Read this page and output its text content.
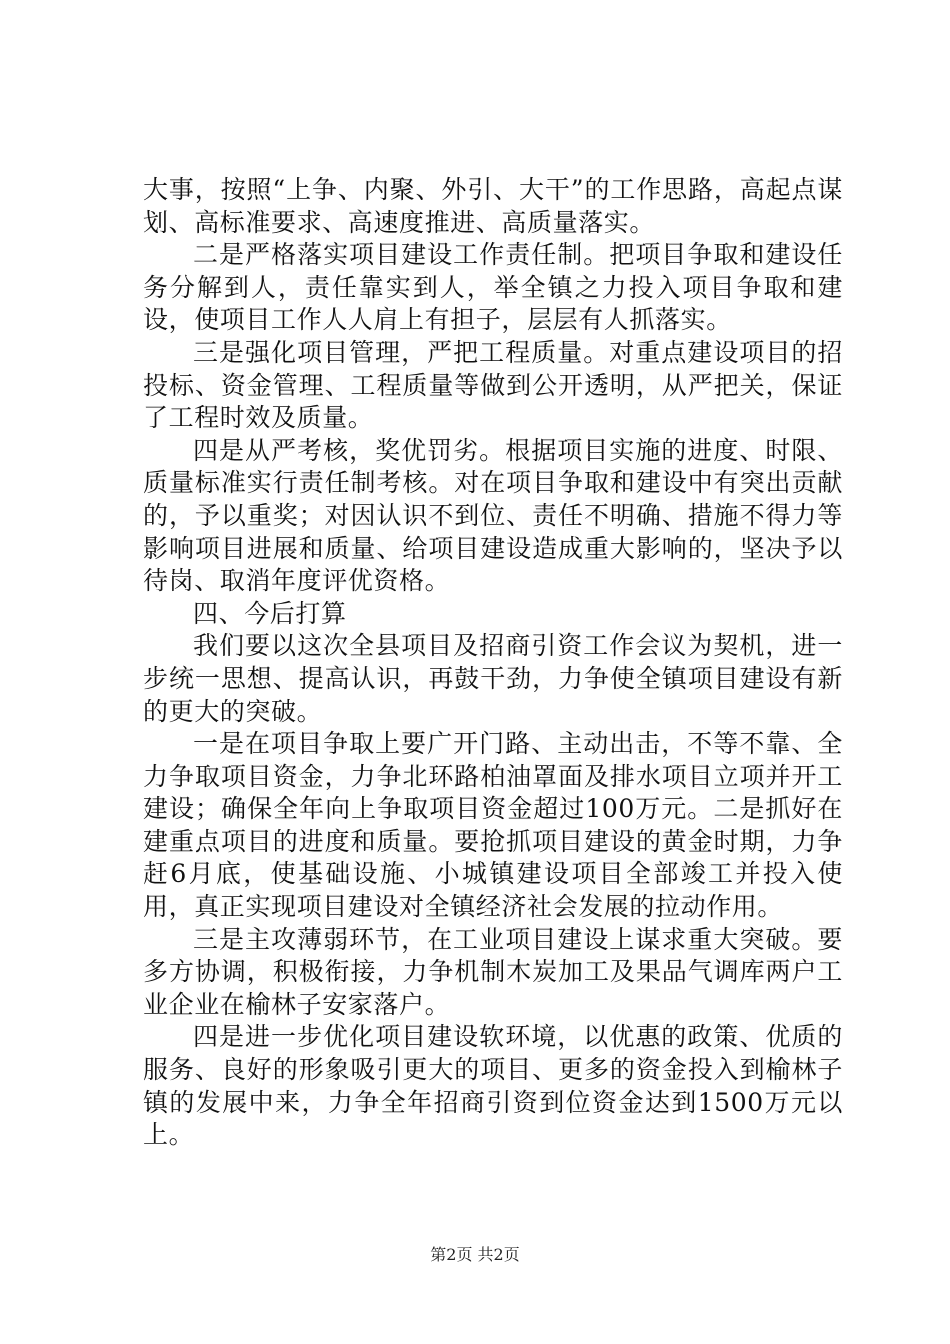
大事，按照“上争、内聚、外引、大干”的工作思路，高起点谋划、高标准要求、高速度推进、高质量落实。

二是严格落实项目建设工作责任制。把项目争取和建设任务分解到人，责任靠实到人，举全镇之力投入项目争取和建设，使项目工作人人肩上有担子，层层有人抓落实。

三是强化项目管理，严把工程质量。对重点建设项目的招投标、资金管理、工程质量等做到公开透明，从严把关，保证了工程时效及质量。

四是从严考核，奖优罚劣。根据项目实施的进度、时限、质量标准实行责任制考核。对在项目争取和建设中有突出贡献的，予以重奖；对因认识不到位、责任不明确、措施不得力等影响项目进展和质量、给项目建设造成重大影响的，坚决予以待岗、取消年度评优资格。

四、今后打算

我们要以这次全县项目及招商引资工作会议为契机，进一步统一思想、提高认识，再鼓干劲，力争使全镇项目建设有新的更大的突破。

一是在项目争取上要广开门路、主动出击，不等不靠、全力争取项目资金，力争北环路柏油罩面及排水项目立项并开工建设；确保全年向上争取项目资金超过100万元。二是抓好在建重点项目的进度和质量。要抢抓项目建设的黄金时期，力争赶6月底，使基础设施、小城镇建设项目全部竣工并投入使用，真正实现项目建设对全镇经济社会发展的拉动作用。

三是主攻薄弱环节，在工业项目建设上谋求重大突破。要多方协调，积极衔接，力争机制木炭加工及果品气调库两户工业企业在榆林子安家落户。

四是进一步优化项目建设软环境，以优惠的政策、优质的服务、良好的形象吸引更大的项目、更多的资金投入到榆林子镇的发展中来，力争全年招商引资到位资金达到1500万元以上。

第2页 共2页
